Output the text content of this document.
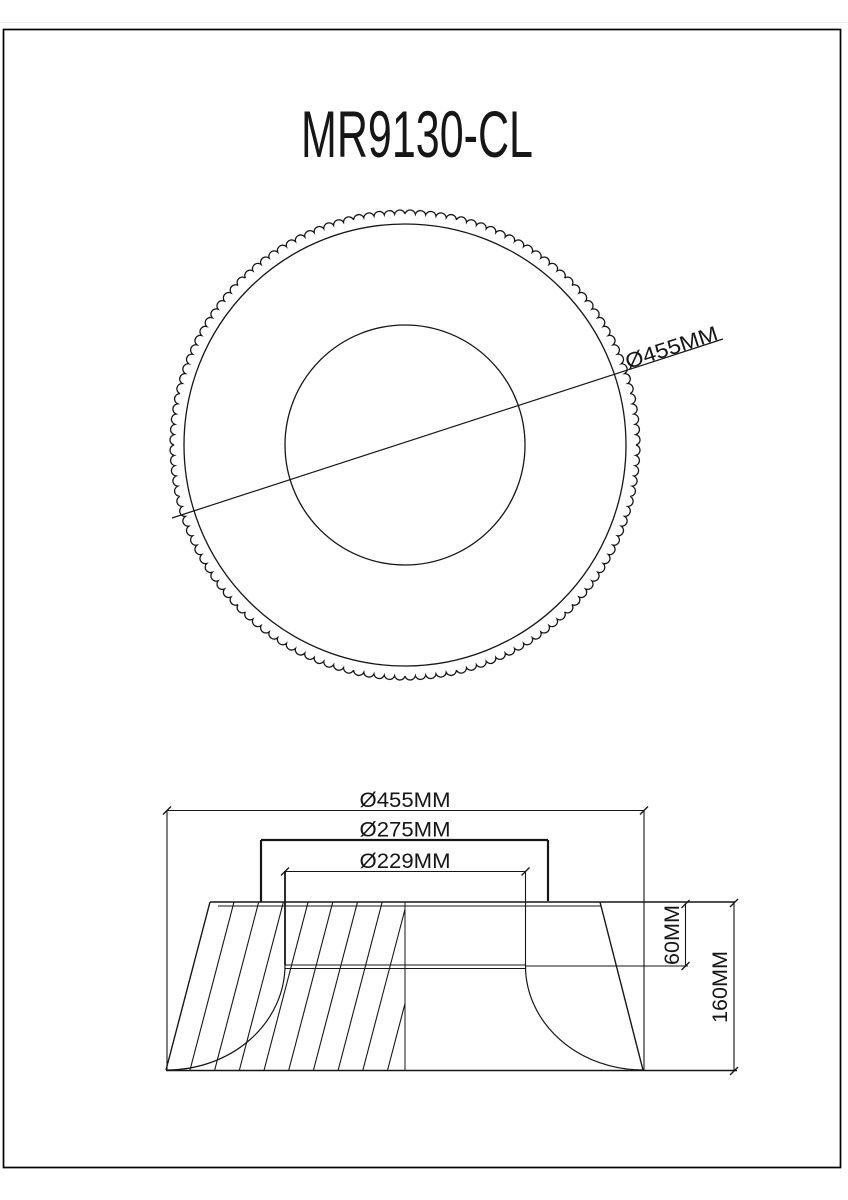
MR9130-CL
Ø455MM
Ø455MM
Ø275MM
Ø229MM
60MM
160MM
